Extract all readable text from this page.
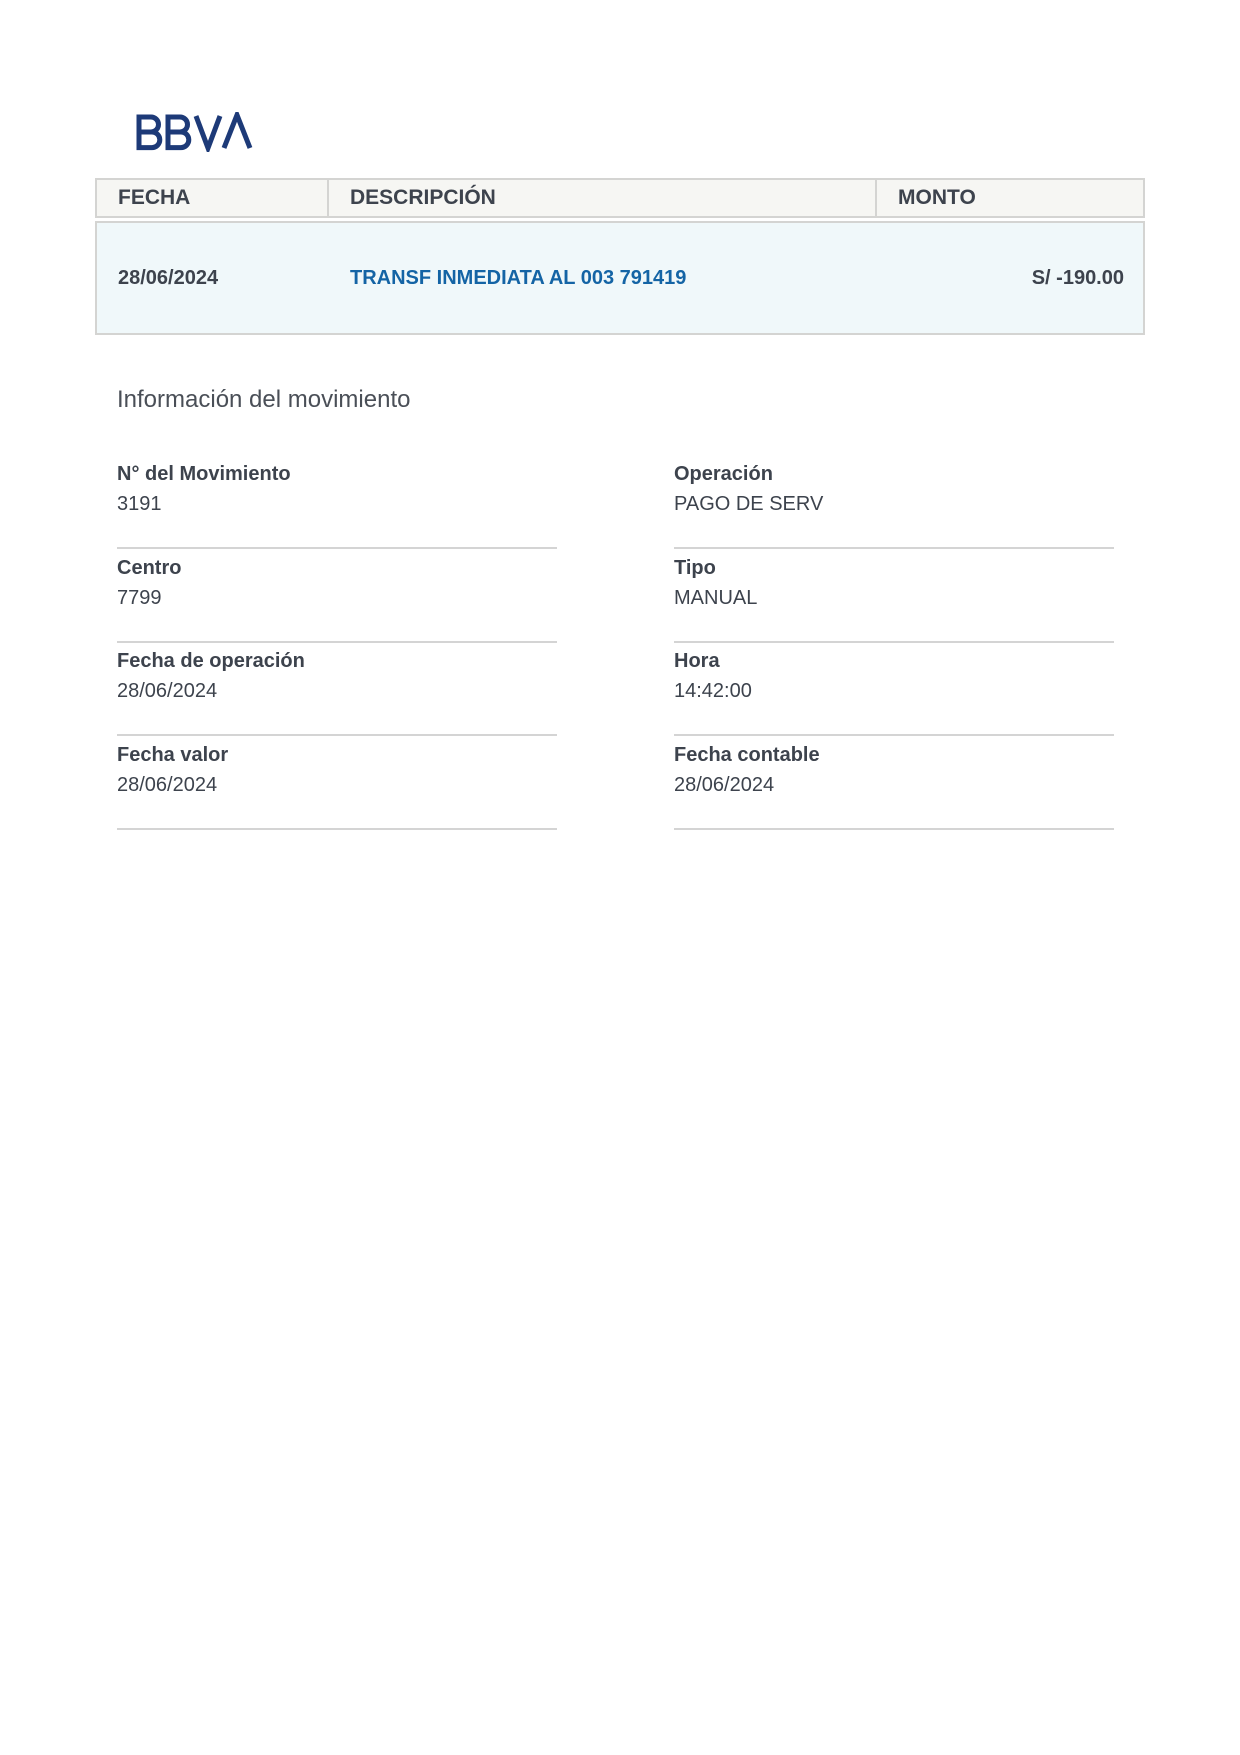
FECHA	DESCRIPCIÓN	MONTO
28/06/2024	TRANSF INMEDIATA AL 003 791419	S/ -190.00
Información del movimiento
N° del Movimiento
3191
Operación
PAGO DE SERV
Centro
7799
Tipo
MANUAL
Fecha de operación
28/06/2024
Hora
14:42:00
Fecha valor
28/06/2024
Fecha contable
28/06/2024
